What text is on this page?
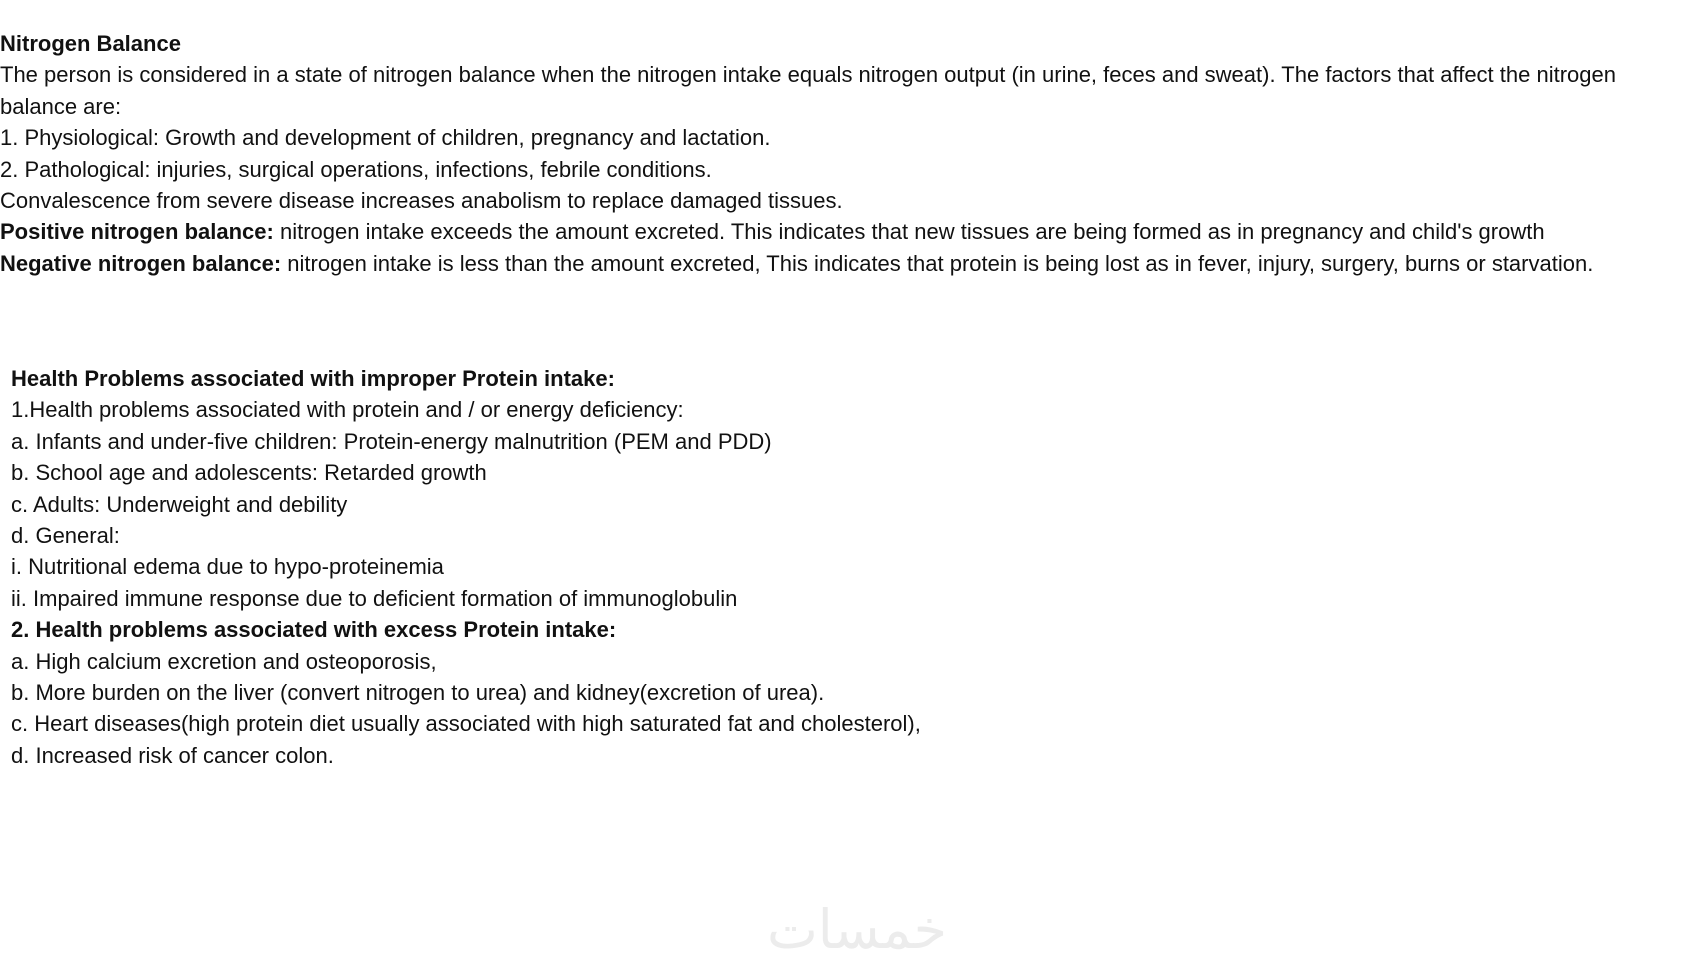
Nitrogen Balance
The person is considered in a state of nitrogen balance when the nitrogen intake equals nitrogen output (in urine, feces and sweat). The factors that affect the nitrogen balance are:
1. Physiological: Growth and development of children, pregnancy and lactation.
2. Pathological: injuries, surgical operations, infections, febrile conditions.
Convalescence from severe disease increases anabolism to replace damaged tissues.
Positive nitrogen balance: nitrogen intake exceeds the amount excreted. This indicates that new tissues are being formed as in pregnancy and child's growth
Negative nitrogen balance: nitrogen intake is less than the amount excreted, This indicates that protein is being lost as in fever, injury, surgery, burns or starvation.
Health Problems associated with improper Protein intake:
1.Health problems associated with protein and / or energy deficiency:
a. Infants and under-five children: Protein-energy malnutrition (PEM and PDD)
b. School age and adolescents: Retarded growth
c. Adults: Underweight and debility
d. General:
i. Nutritional edema due to hypo-proteinemia
ii. Impaired immune response due to deficient formation of immunoglobulin
2. Health problems associated with excess Protein intake:
a. High calcium excretion and osteoporosis,
b. More burden on the liver (convert nitrogen to urea) and kidney(excretion of urea).
c. Heart diseases(high protein diet usually associated with high saturated fat and cholesterol),
d. Increased risk of cancer colon.
خمسات
